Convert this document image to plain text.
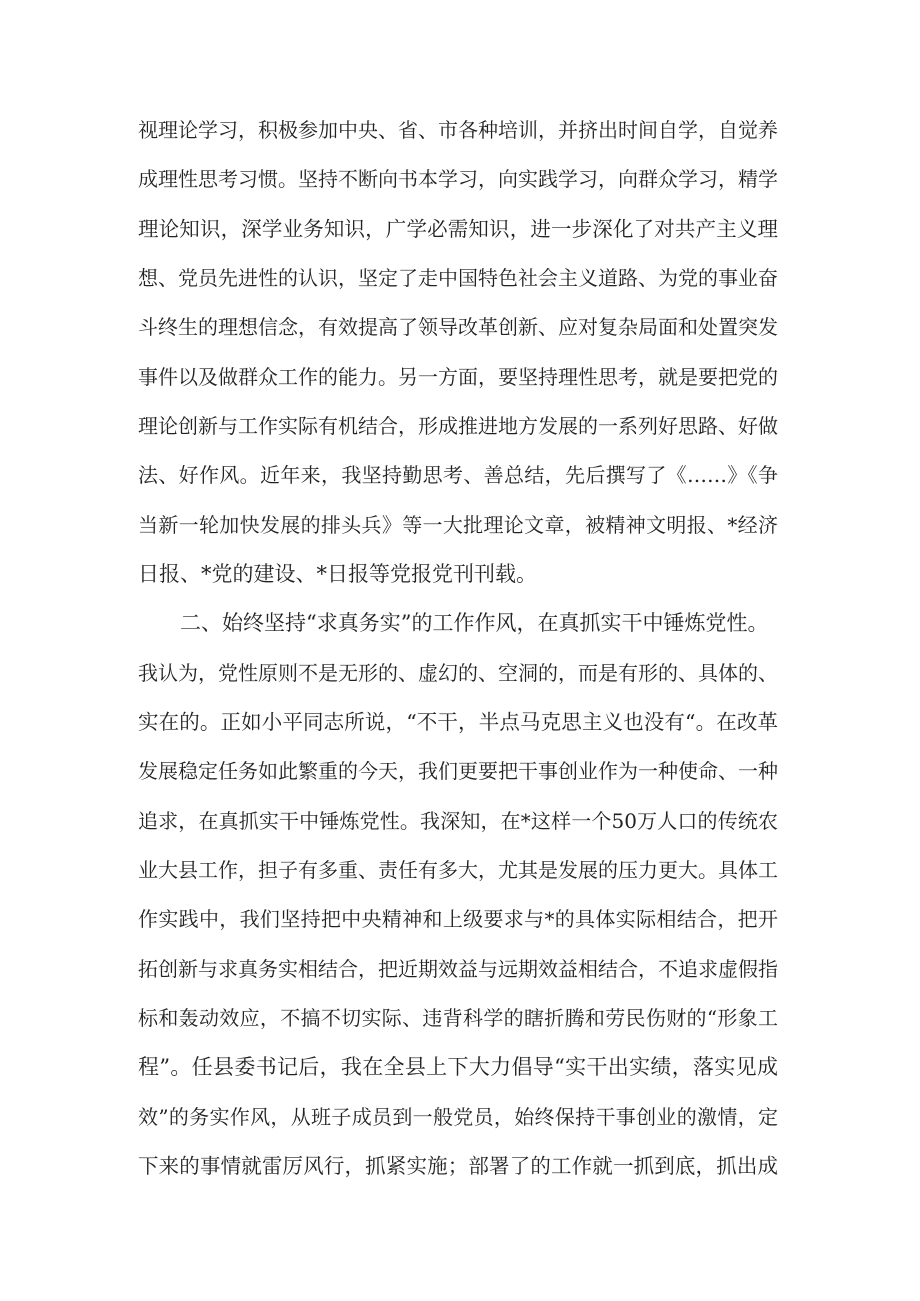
视理论学习，积极参加中央、省、市各种培训，并挤出时间自学，自觉养
成理性思考习惯。坚持不断向书本学习，向实践学习，向群众学习，精学
理论知识，深学业务知识，广学必需知识，进一步深化了对共产主义理
想、党员先进性的认识，坚定了走中国特色社会主义道路、为党的事业奋
斗终生的理想信念，有效提高了领导改革创新、应对复杂局面和处置突发
事件以及做群众工作的能力。另一方面，要坚持理性思考，就是要把党的
理论创新与工作实际有机结合，形成推进地方发展的一系列好思路、好做
法、好作风。近年来，我坚持勤思考、善总结，先后撰写了《……》《争
当新一轮加快发展的排头兵》等一大批理论文章，被精神文明报、*经济
日报、*党的建设、*日报等党报党刊刊载。
二、始终坚持“求真务实”的工作作风，在真抓实干中锤炼党性。
我认为，党性原则不是无形的、虚幻的、空洞的，而是有形的、具体的、
实在的。正如小平同志所说，“不干，半点马克思主义也没有“。在改革
发展稳定任务如此繁重的今天，我们更要把干事创业作为一种使命、一种
追求，在真抓实干中锤炼党性。我深知，在*这样一个50万人口的传统农
业大县工作，担子有多重、责任有多大，尤其是发展的压力更大。具体工
作实践中，我们坚持把中央精神和上级要求与*的具体实际相结合，把开
拓创新与求真务实相结合，把近期效益与远期效益相结合，不追求虚假指
标和轰动效应，不搞不切实际、违背科学的瞎折腾和劳民伤财的“形象工
程”。任县委书记后，我在全县上下大力倡导“实干出实绩，落实见成
效”的务实作风，从班子成员到一般党员，始终保持干事创业的激情，定
下来的事情就雷厉风行，抓紧实施；部署了的工作就一抓到底，抓出成
